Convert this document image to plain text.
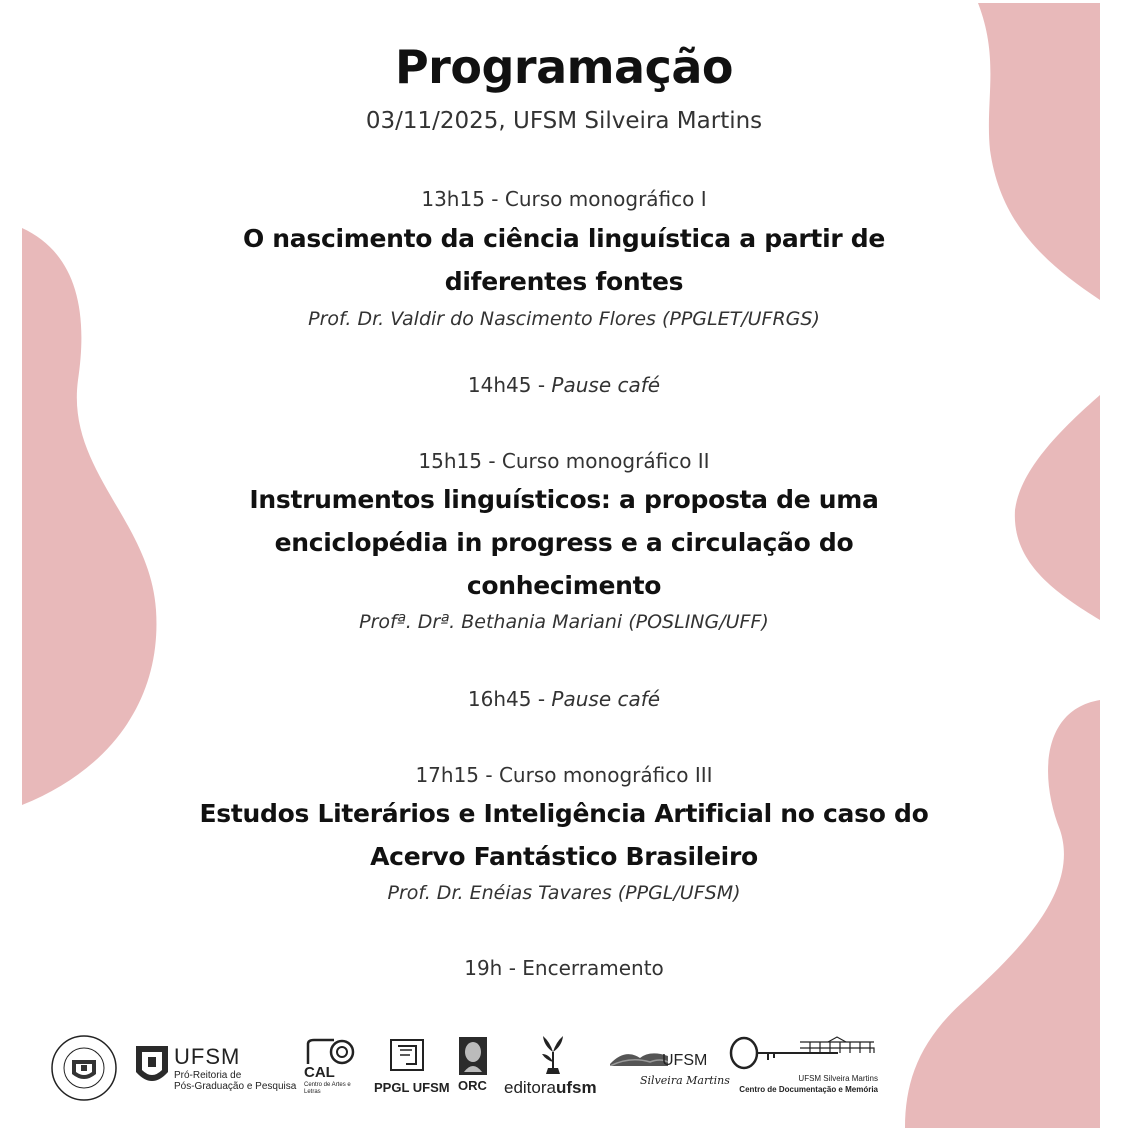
Programação
03/11/2025, UFSM Silveira Martins
13h15 - Curso monográfico I
O nascimento da ciência linguística a partir de
diferentes fontes
Prof. Dr. Valdir do Nascimento Flores (PPGLET/UFRGS)
14h45 - Pause café
15h15 - Curso monográfico II
Instrumentos linguísticos: a proposta de uma
enciclopédia in progress e a circulação do
conhecimento
Profª. Drª. Bethania Mariani (POSLING/UFF)
16h45 - Pause café
17h15 - Curso monográfico III
Estudos Literários e Inteligência Artificial no caso do
Acervo Fantástico Brasileiro
Prof. Dr. Enéias Tavares (PPGL/UFSM)
19h - Encerramento
UFSM
Pró-Reitoria de
Pós-Graduação e Pesquisa
CAL
Centro de Artes e Letras	PPGL UFSM ORC editoraufsm
UFSM
Silveira Martins	UFSM Silveira Martins
Centro de Documentação e Memória
